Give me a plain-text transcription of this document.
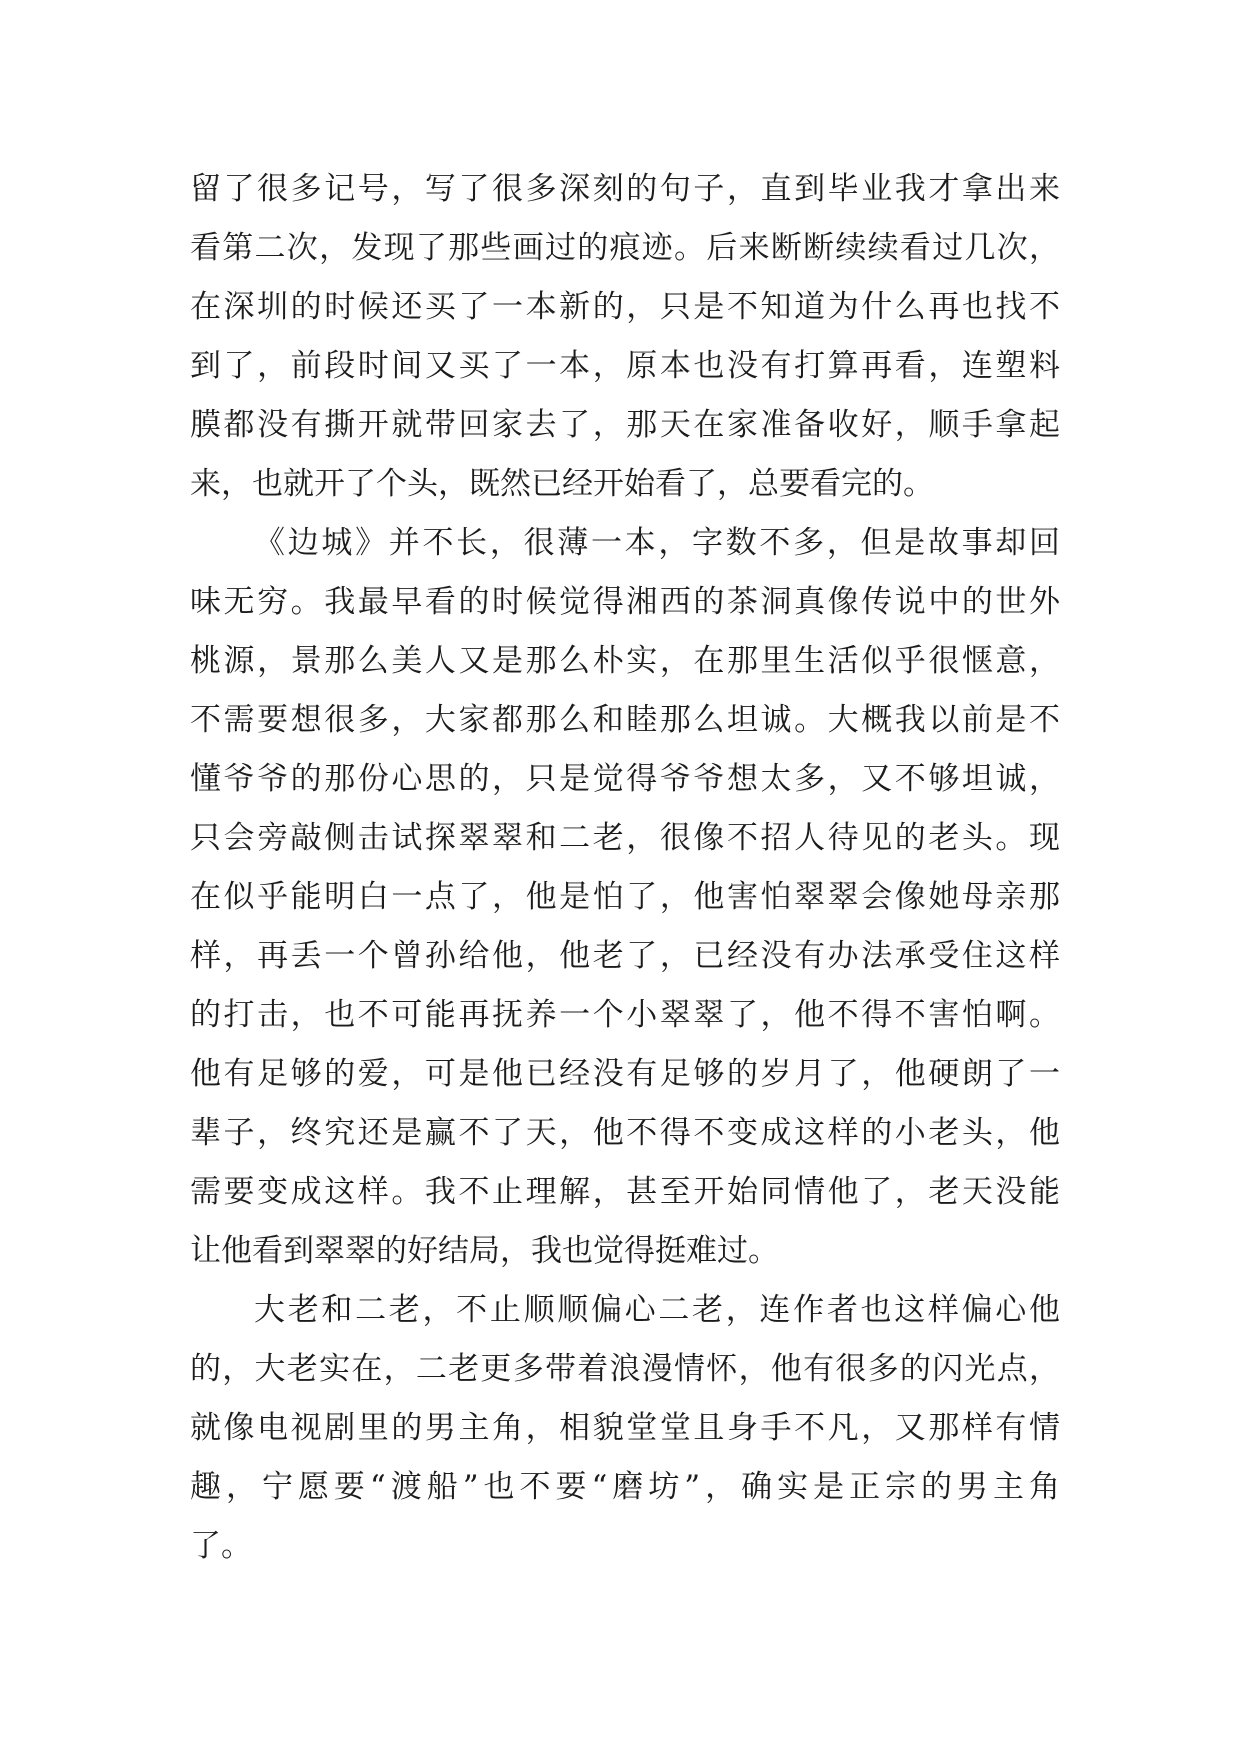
留了很多记号，写了很多深刻的句子，直到毕业我才拿出来
看第二次，发现了那些画过的痕迹。后来断断续续看过几次，
在深圳的时候还买了一本新的，只是不知道为什么再也找不
到了，前段时间又买了一本，原本也没有打算再看，连塑料
膜都没有撕开就带回家去了，那天在家准备收好，顺手拿起
来，也就开了个头，既然已经开始看了，总要看完的。
《边城》并不长，很薄一本，字数不多，但是故事却回
味无穷。我最早看的时候觉得湘西的茶洞真像传说中的世外
桃源，景那么美人又是那么朴实，在那里生活似乎很惬意，
不需要想很多，大家都那么和睦那么坦诚。大概我以前是不
懂爷爷的那份心思的，只是觉得爷爷想太多，又不够坦诚，
只会旁敲侧击试探翠翠和二老，很像不招人待见的老头。现
在似乎能明白一点了，他是怕了，他害怕翠翠会像她母亲那
样，再丢一个曾孙给他，他老了，已经没有办法承受住这样
的打击，也不可能再抚养一个小翠翠了，他不得不害怕啊。
他有足够的爱，可是他已经没有足够的岁月了，他硬朗了一
辈子，终究还是赢不了天，他不得不变成这样的小老头，他
需要变成这样。我不止理解，甚至开始同情他了，老天没能
让他看到翠翠的好结局，我也觉得挺难过。
大老和二老，不止顺顺偏心二老，连作者也这样偏心他
的，大老实在，二老更多带着浪漫情怀，他有很多的闪光点，
就像电视剧里的男主角，相貌堂堂且身手不凡，又那样有情
趣，宁愿要“渡船”也不要“磨坊”，确实是正宗的男主角
了。
